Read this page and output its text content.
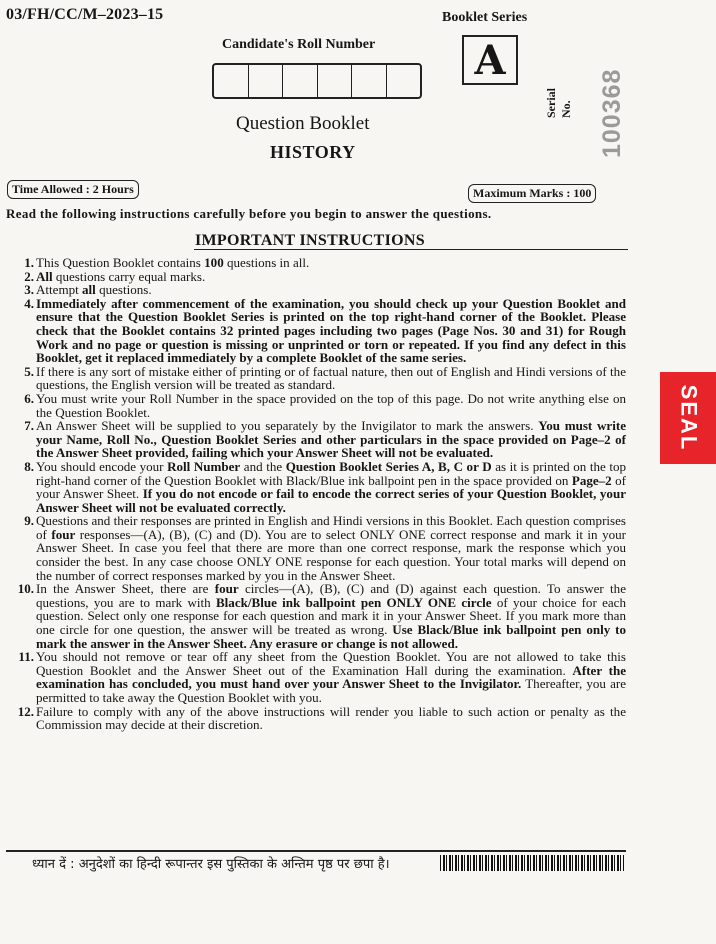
03/FH/CC/M–2023–15	Booklet Series
Candidate's Roll Number	A
Serial No. 100368
Question Booklet
HISTORY
Time Allowed : 2 Hours	Maximum Marks : 100
Read the following instructions carefully before you begin to answer the questions.
IMPORTANT INSTRUCTIONS
1. This Question Booklet contains 100 questions in all.
2. All questions carry equal marks.
3. Attempt all questions.
4. Immediately after commencement of the examination, you should check up your Question Booklet and ensure that the Question Booklet Series is printed on the top right-hand corner of the Booklet. Please check that the Booklet contains 32 printed pages including two pages (Page Nos. 30 and 31) for Rough Work and no page or question is missing or unprinted or torn or repeated. If you find any defect in this Booklet, get it replaced immediately by a complete Booklet of the same series.
5. If there is any sort of mistake either of printing or of factual nature, then out of English and Hindi versions of the questions, the English version will be treated as standard.
6. You must write your Roll Number in the space provided on the top of this page. Do not write anything else on the Question Booklet.
7. An Answer Sheet will be supplied to you separately by the Invigilator to mark the answers. You must write your Name, Roll No., Question Booklet Series and other particulars in the space provided on Page–2 of the Answer Sheet provided, failing which your Answer Sheet will not be evaluated.
8. You should encode your Roll Number and the Question Booklet Series A, B, C or D as it is printed on the top right-hand corner of the Question Booklet with Black/Blue ink ballpoint pen in the space provided on Page–2 of your Answer Sheet. If you do not encode or fail to encode the correct series of your Question Booklet, your Answer Sheet will not be evaluated correctly.
9. Questions and their responses are printed in English and Hindi versions in this Booklet. Each question comprises of four responses—(A), (B), (C) and (D). You are to select ONLY ONE correct response and mark it in your Answer Sheet. In case you feel that there are more than one correct response, mark the response which you consider the best. In any case choose ONLY ONE response for each question. Your total marks will depend on the number of correct responses marked by you in the Answer Sheet.
10. In the Answer Sheet, there are four circles—(A), (B), (C) and (D) against each question. To answer the questions, you are to mark with Black/Blue ink ballpoint pen ONLY ONE circle of your choice for each question. Select only one response for each question and mark it in your Answer Sheet. If you mark more than one circle for one question, the answer will be treated as wrong. Use Black/Blue ink ballpoint pen only to mark the answer in the Answer Sheet. Any erasure or change is not allowed.
11. You should not remove or tear off any sheet from the Question Booklet. You are not allowed to take this Question Booklet and the Answer Sheet out of the Examination Hall during the examination. After the examination has concluded, you must hand over your Answer Sheet to the Invigilator. Thereafter, you are permitted to take away the Question Booklet with you.
12. Failure to comply with any of the above instructions will render you liable to such action or penalty as the Commission may decide at their discretion.
SEAL
ध्यान दें : अनुदेशों का हिन्दी रूपान्तर इस पुस्तिका के अन्तिम पृष्ठ पर छपा है।
